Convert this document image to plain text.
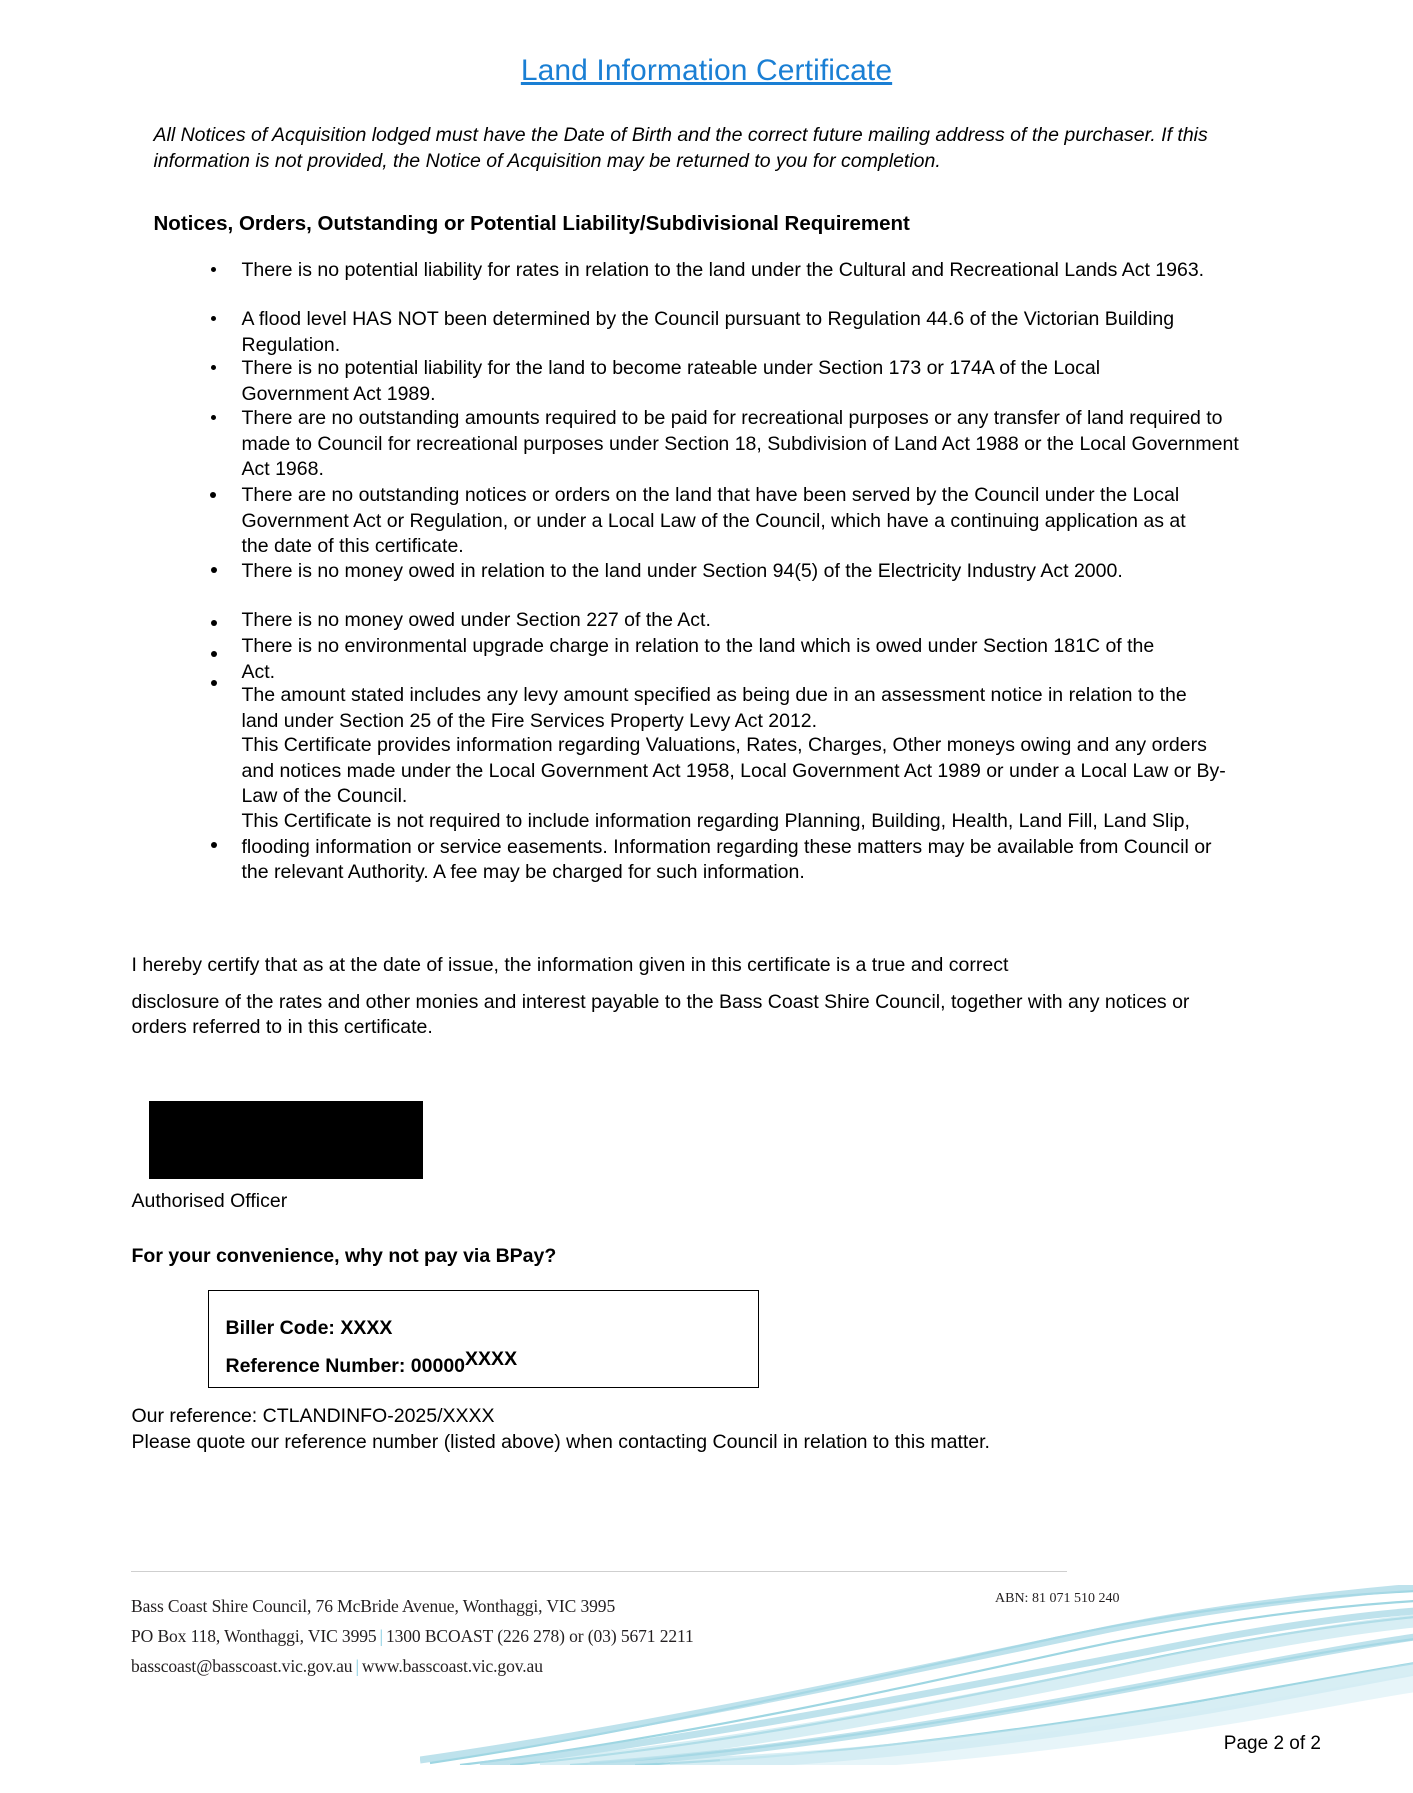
Land Information Certificate

All Notices of Acquisition lodged must have the Date of Birth and the correct future mailing address of the purchaser. If this information is not provided, the Notice of Acquisition may be returned to you for completion.

Notices, Orders, Outstanding or Potential Liability/Subdivisional Requirement
There is no potential liability for rates in relation to the land under the Cultural and Recreational Lands Act 1963.
A flood level HAS NOT been determined by the Council pursuant to Regulation 44.6 of the Victorian Building Regulation.
There is no potential liability for the land to become rateable under Section 173 or 174A of the Local Government Act 1989.
There are no outstanding amounts required to be paid for recreational purposes or any transfer of land required to made to Council for recreational purposes under Section 18, Subdivision of Land Act 1988 or the Local Government Act 1968.
There are no outstanding notices or orders on the land that have been served by the Council under the Local Government Act or Regulation, or under a Local Law of the Council, which have a continuing application as at the date of this certificate.
There is no money owed in relation to the land under Section 94(5) of the Electricity Industry Act 2000.
There is no money owed under Section 227 of the Act.
There is no environmental upgrade charge in relation to the land which is owed under Section 181C of the Act.
The amount stated includes any levy amount specified as being due in an assessment notice in relation to the land under Section 25 of the Fire Services Property Levy Act 2012.
This Certificate provides information regarding Valuations, Rates, Charges, Other moneys owing and any orders and notices made under the Local Government Act 1958, Local Government Act 1989 or under a Local Law or By-Law of the Council.
This Certificate is not required to include information regarding Planning, Building, Health, Land Fill, Land Slip, flooding information or service easements. Information regarding these matters may be available from Council or the relevant Authority. A fee may be charged for such information.
I hereby certify that as at the date of issue, the information given in this certificate is a true and correct
disclosure of the rates and other monies and interest payable to the Bass Coast Shire Council, together with any notices or orders referred to in this certificate.
Authorised Officer
For your convenience, why not pay via BPay?
Biller Code: XXXX
Reference Number: 00000XXXX
Our reference: CTLANDINFO-2025/XXXX
Please quote our reference number (listed above) when contacting Council in relation to this matter.
Bass Coast Shire Council, 76 McBride Avenue, Wonthaggi, VIC 3995
PO Box 118, Wonthaggi, VIC 3995 | 1300 BCOAST (226 278) or (03) 5671 2211
basscoast@basscoast.vic.gov.au | www.basscoast.vic.gov.au
ABN: 81 071 510 240
Page 2 of 2
